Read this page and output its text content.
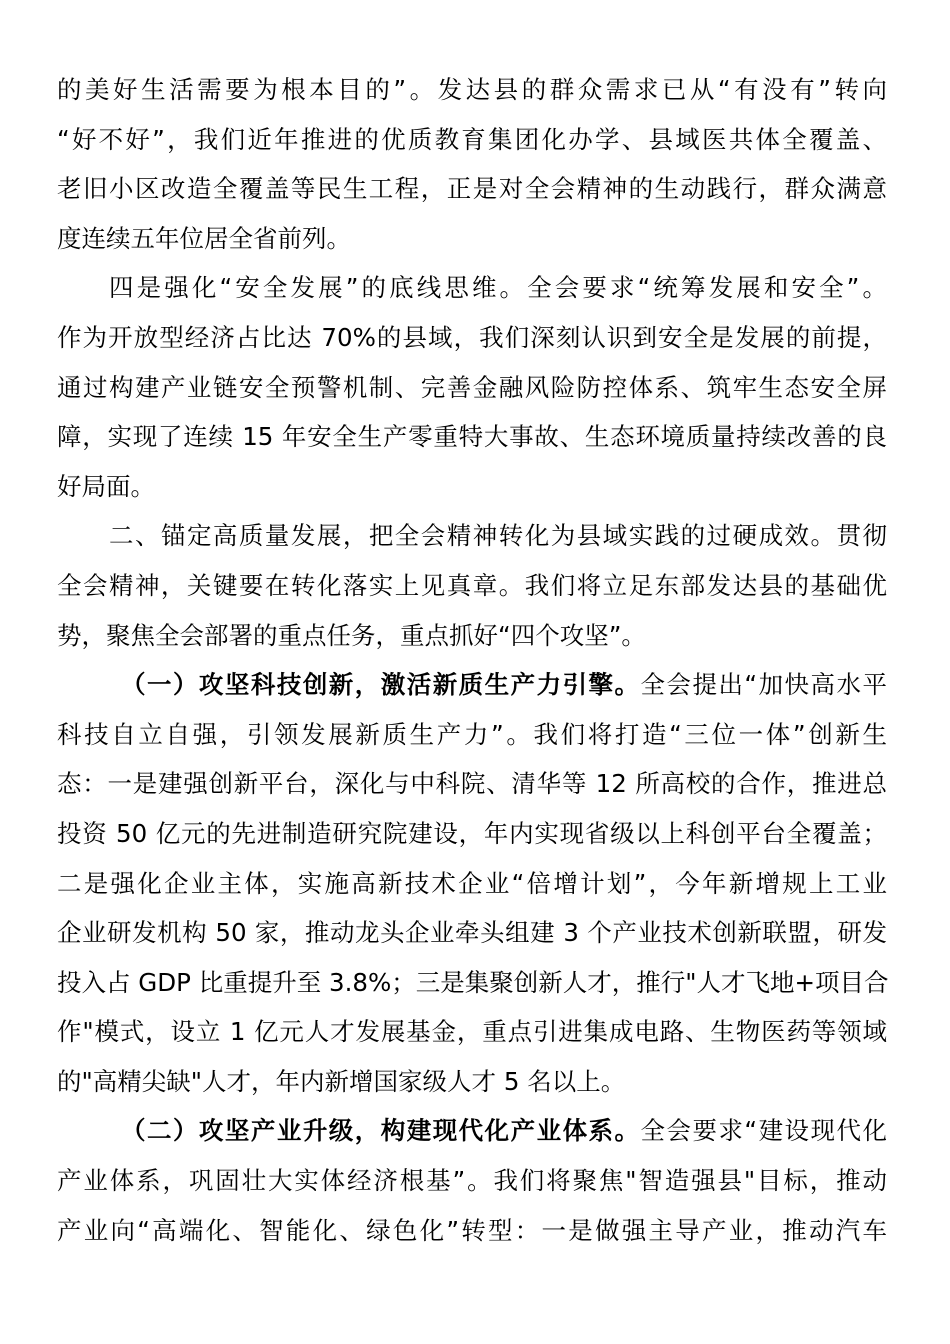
的美好生活需要为根本目的”。发达县的群众需求已从“有没有”转向
“好不好”，我们近年推进的优质教育集团化办学、县域医共体全覆盖、
老旧小区改造全覆盖等民生工程，正是对全会精神的生动践行，群众满意
度连续五年位居全省前列。
四是强化“安全发展”的底线思维。全会要求“统筹发展和安全”。
作为开放型经济占比达 70%的县域，我们深刻认识到安全是发展的前提，
通过构建产业链安全预警机制、完善金融风险防控体系、筑牢生态安全屏
障，实现了连续 15 年安全生产零重特大事故、生态环境质量持续改善的良
好局面。
二、锚定高质量发展，把全会精神转化为县域实践的过硬成效。贯彻
全会精神，关键要在转化落实上见真章。我们将立足东部发达县的基础优
势，聚焦全会部署的重点任务，重点抓好“四个攻坚”。
（一）攻坚科技创新，激活新质生产力引擎。全会提出“加快高水平
科技自立自强，引领发展新质生产力”。我们将打造“三位一体”创新生
态：一是建强创新平台，深化与中科院、清华等 12 所高校的合作，推进总
投资 50 亿元的先进制造研究院建设，年内实现省级以上科创平台全覆盖；
二是强化企业主体，实施高新技术企业“倍增计划”，今年新增规上工业
企业研发机构 50 家，推动龙头企业牵头组建 3 个产业技术创新联盟，研发
投入占 GDP 比重提升至 3.8%；三是集聚创新人才，推行"人才飞地+项目合
作"模式，设立 1 亿元人才发展基金，重点引进集成电路、生物医药等领域
的"高精尖缺"人才，年内新增国家级人才 5 名以上。
（二）攻坚产业升级，构建现代化产业体系。全会要求“建设现代化
产业体系，巩固壮大实体经济根基”。我们将聚焦"智造强县"目标，推动
产业向“高端化、智能化、绿色化”转型：一是做强主导产业，推动汽车
